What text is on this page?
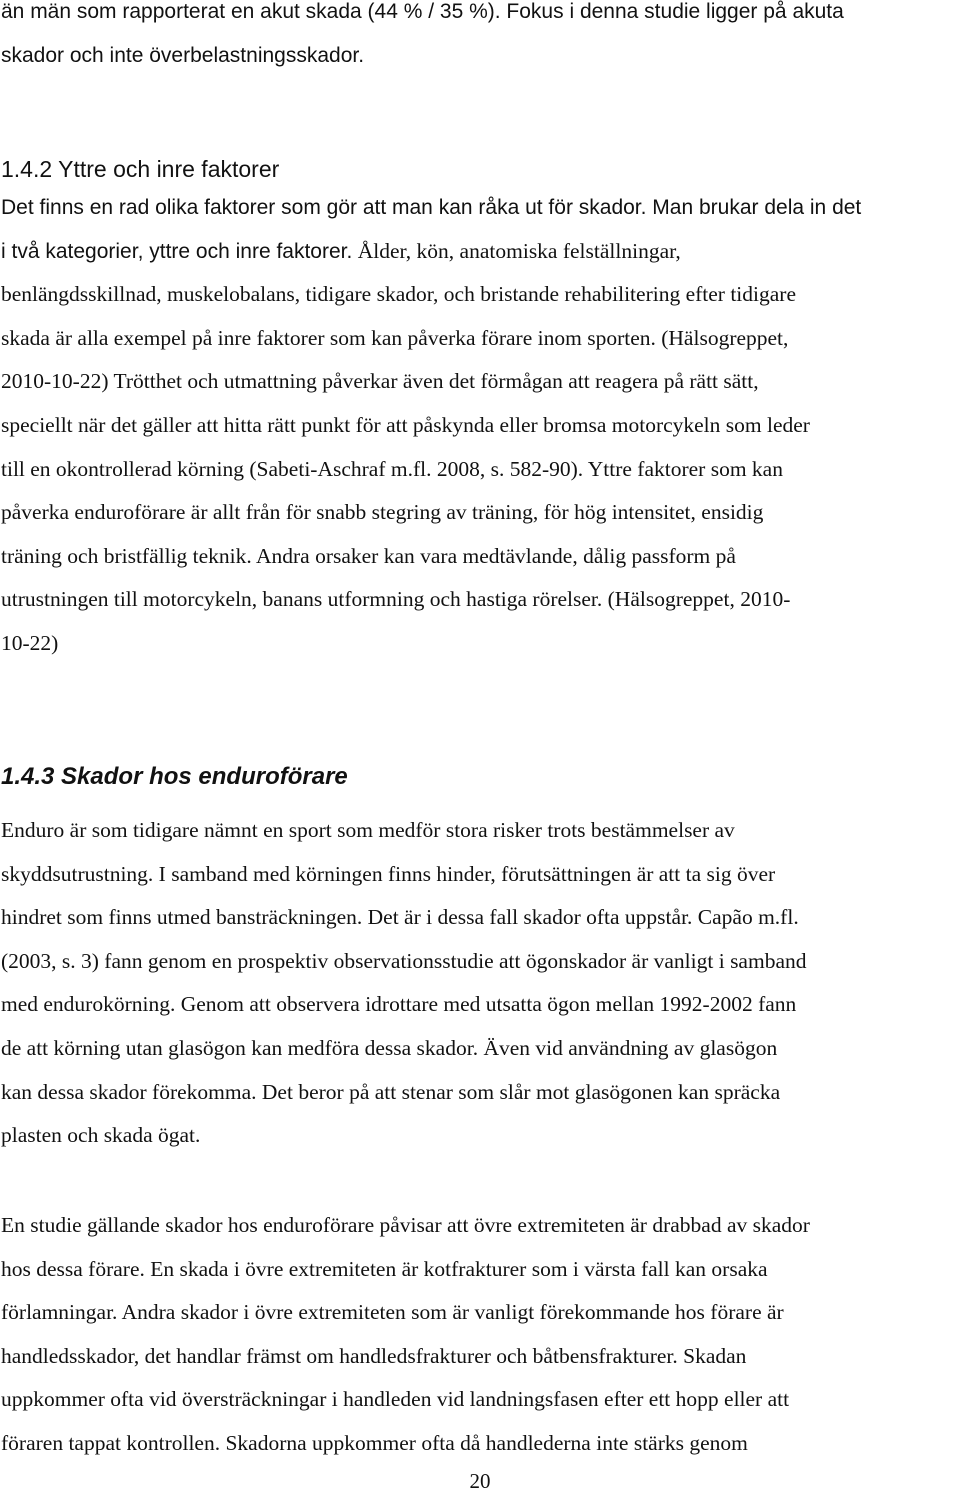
än män som rapporterat en akut skada (44 % / 35 %). Fokus i denna studie ligger på akuta
skador och inte överbelastningsskador.

1.4.2 Yttre och inre faktorer

Det finns en rad olika faktorer som gör att man kan råka ut för skador. Man brukar dela in det
i två kategorier, yttre och inre faktorer. Ålder, kön, anatomiska felställningar,
benlängdsskillnad, muskelobalans, tidigare skador, och bristande rehabilitering efter tidigare
skada är alla exempel på inre faktorer som kan påverka förare inom sporten. (Hälsogreppet,
2010-10-22) Trötthet och utmattning påverkar även det förmågan att reagera på rätt sätt,
speciellt när det gäller att hitta rätt punkt för att påskynda eller bromsa motorcykeln som leder
till en okontrollerad körning (Sabeti-Aschraf m.fl. 2008, s. 582-90). Yttre faktorer som kan
påverka enduroförare är allt från för snabb stegring av träning, för hög intensitet, ensidig
träning och bristfällig teknik. Andra orsaker kan vara medtävlande, dålig passform på
utrustningen till motorcykeln, banans utformning och hastiga rörelser. (Hälsogreppet, 2010-
10-22)

1.4.3 Skador hos enduroförare

Enduro är som tidigare nämnt en sport som medför stora risker trots bestämmelser av
skyddsutrustning. I samband med körningen finns hinder, förutsättningen är att ta sig över
hindret som finns utmed bansträckningen. Det är i dessa fall skador ofta uppstår. Capão m.fl.
(2003, s. 3) fann genom en prospektiv observationsstudie att ögonskador är vanligt i samband
med endurokörning. Genom att observera idrottare med utsatta ögon mellan 1992-2002 fann
de att körning utan glasögon kan medföra dessa skador. Även vid användning av glasögon
kan dessa skador förekomma. Det beror på att stenar som slår mot glasögonen kan spräcka
plasten och skada ögat.

En studie gällande skador hos enduroförare påvisar att övre extremiteten är drabbad av skador
hos dessa förare. En skada i övre extremiteten är kotfrakturer som i värsta fall kan orsaka
förlamningar. Andra skador i övre extremiteten som är vanligt förekommande hos förare är
handledsskador, det handlar främst om handledsfrakturer och båtbensfrakturer. Skadan
uppkommer ofta vid översträckningar i handleden vid landningsfasen efter ett hopp eller att
föraren tappat kontrollen. Skadorna uppkommer ofta då handlederna inte stärks genom

20
